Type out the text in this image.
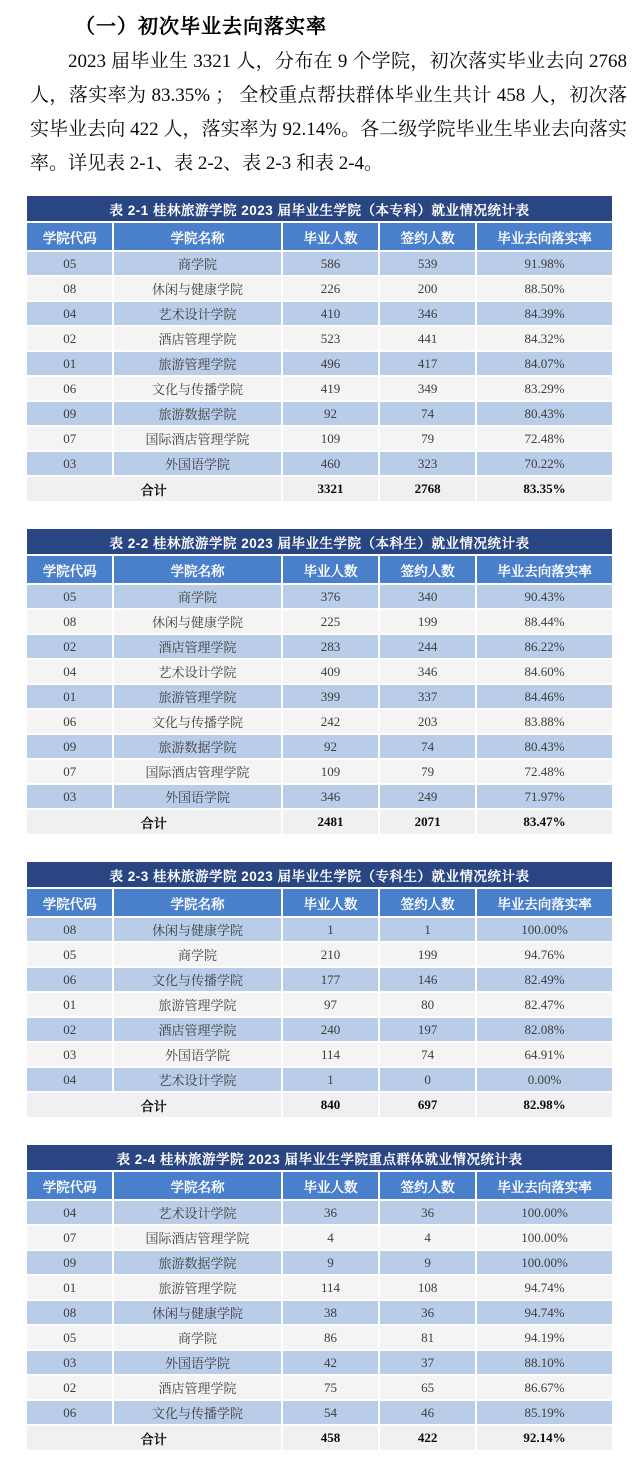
（一）初次毕业去向落实率

2023 届毕业生 3321 人，分布在 9 个学院，初次落实毕业去向 2768 人，落实率为 83.35% ； 全校重点帮扶群体毕业生共计 458 人，初次落实毕业去向 422 人，落实率为 92.14%。各二级学院毕业生毕业去向落实率。详见表 2-1、表 2-2、表 2-3 和表 2-4。

表 2-1 桂林旅游学院 2023 届毕业生学院（本专科）就业情况统计表				
学院代码	学院名称	毕业人数	签约人数	毕业去向落实率
05	商学院	586	539	91.98%
08	休闲与健康学院	226	200	88.50%
04	艺术设计学院	410	346	84.39%
02	酒店管理学院	523	441	84.32%
01	旅游管理学院	496	417	84.07%
06	文化与传播学院	419	349	83.29%
09	旅游数据学院	92	74	80.43%
07	国际酒店管理学院	109	79	72.48%
03	外国语学院	460	323	70.22%
合计		3321	2768	83.35%
表 2-2 桂林旅游学院 2023 届毕业生学院（本科生）就业情况统计表				
学院代码	学院名称	毕业人数	签约人数	毕业去向落实率
05	商学院	376	340	90.43%
08	休闲与健康学院	225	199	88.44%
02	酒店管理学院	283	244	86.22%
04	艺术设计学院	409	346	84.60%
01	旅游管理学院	399	337	84.46%
06	文化与传播学院	242	203	83.88%
09	旅游数据学院	92	74	80.43%
07	国际酒店管理学院	109	79	72.48%
03	外国语学院	346	249	71.97%
合计		2481	2071	83.47%
表 2-3 桂林旅游学院 2023 届毕业生学院（专科生）就业情况统计表				
学院代码	学院名称	毕业人数	签约人数	毕业去向落实率
08	休闲与健康学院	1	1	100.00%
05	商学院	210	199	94.76%
06	文化与传播学院	177	146	82.49%
01	旅游管理学院	97	80	82.47%
02	酒店管理学院	240	197	82.08%
03	外国语学院	114	74	64.91%
04	艺术设计学院	1	0	0.00%
合计		840	697	82.98%
表 2-4 桂林旅游学院 2023 届毕业生学院重点群体就业情况统计表				
学院代码	学院名称	毕业人数	签约人数	毕业去向落实率
04	艺术设计学院	36	36	100.00%
07	国际酒店管理学院	4	4	100.00%
09	旅游数据学院	9	9	100.00%
01	旅游管理学院	114	108	94.74%
08	休闲与健康学院	38	36	94.74%
05	商学院	86	81	94.19%
03	外国语学院	42	37	88.10%
02	酒店管理学院	75	65	86.67%
06	文化与传播学院	54	46	85.19%
合计		458	422	92.14%
